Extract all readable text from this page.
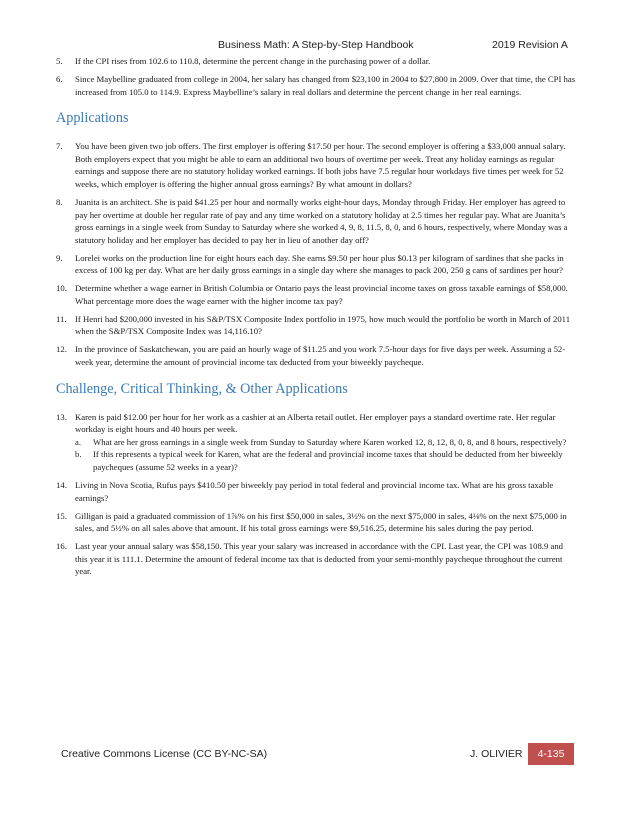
Business Math: A Step-by-Step Handbook	2019 Revision A
5. If the CPI rises from 102.6 to 110.8, determine the percent change in the purchasing power of a dollar.
6. Since Maybelline graduated from college in 2004, her salary has changed from $23,100 in 2004 to $27,800 in 2009. Over that time, the CPI has increased from 105.0 to 114.9. Express Maybelline’s salary in real dollars and determine the percent change in her real earnings.
Applications
7. You have been given two job offers. The first employer is offering $17.50 per hour. The second employer is offering a $33,000 annual salary. Both employers expect that you might be able to earn an additional two hours of overtime per week. Treat any holiday earnings as regular earnings and suppose there are no statutory holiday worked earnings. If both jobs have 7.5 regular hour workdays five times per week for 52 weeks, which employer is offering the higher annual gross earnings? By what amount in dollars?
8. Juanita is an architect. She is paid $41.25 per hour and normally works eight-hour days, Monday through Friday. Her employer has agreed to pay her overtime at double her regular rate of pay and any time worked on a statutory holiday at 2.5 times her regular pay. What are Juanita’s gross earnings in a single week from Sunday to Saturday where she worked 4, 9, 8, 11.5, 8, 0, and 6 hours, respectively, where Monday was a statutory holiday and her employer has decided to pay her in lieu of another day off?
9. Lorelei works on the production line for eight hours each day. She earns $9.50 per hour plus $0.13 per kilogram of sardines that she packs in excess of 100 kg per day. What are her daily gross earnings in a single day where she manages to pack 200, 250 g cans of sardines per hour?
10. Determine whether a wage earner in British Columbia or Ontario pays the least provincial income taxes on gross taxable earnings of $58,000. What percentage more does the wage earner with the higher income tax pay?
11. If Henri had $200,000 invested in his S&P/TSX Composite Index portfolio in 1975, how much would the portfolio be worth in March of 2011 when the S&P/TSX Composite Index was 14,116.10?
12. In the province of Saskatchewan, you are paid an hourly wage of $11.25 and you work 7.5-hour days for five days per week. Assuming a 52-week year, determine the amount of provincial income tax deducted from your biweekly paycheque.
Challenge, Critical Thinking, & Other Applications
13. Karen is paid $12.00 per hour for her work as a cashier at an Alberta retail outlet. Her employer pays a standard overtime rate. Her regular workday is eight hours and 40 hours per week.
a. What are her gross earnings in a single week from Sunday to Saturday where Karen worked 12, 8, 12, 8, 0, 8, and 8 hours, respectively?
b. If this represents a typical week for Karen, what are the federal and provincial income taxes that should be deducted from her biweekly paycheques (assume 52 weeks in a year)?
14. Living in Nova Scotia, Rufus pays $410.50 per biweekly pay period in total federal and provincial income tax. What are his gross taxable earnings?
15. Gilligan is paid a graduated commission of 1⅞% on his first $50,000 in sales, 3½% on the next $75,000 in sales, 4⅛% on the next $75,000 in sales, and 5½% on all sales above that amount. If his total gross earnings were $9,516.25, determine his sales during the pay period.
16. Last year your annual salary was $58,150. This year your salary was increased in accordance with the CPI. Last year, the CPI was 108.9 and this year it is 111.1. Determine the amount of federal income tax that is deducted from your semi-monthly paycheque throughout the current year.
Creative Commons License (CC BY-NC-SA)	J. OLIVIER	4-135
